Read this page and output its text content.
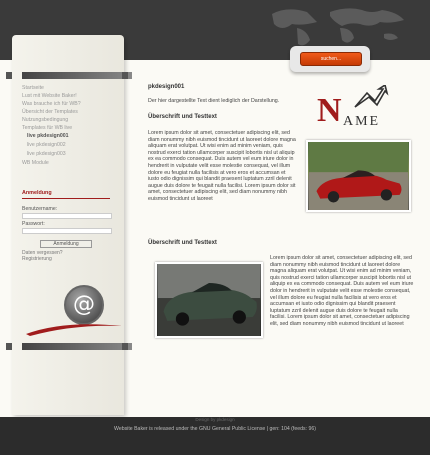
suchen...
Startseite
Lust mit Website Baker!
Was brauche ich für WB?
Übersicht der Templates
Nutzungsbedingung
Templates für WB live
live pkdesign001
live pkdesign002
live pkdesign003
WB Module
Anmeldung
Benutzername:
Passwort:
Anmeldung
Daten vergessen?
Registrierung
@
pkdesign001
Der hier dargestellte Text dient lediglich der Darstellung.
Überschrift und Testtext
Lorem ipsum dolor sit amet, consectetuer adipiscing elit, sed diam nonummy nibh euismod tincidunt ut laoreet dolore magna aliquam erat volutpat. Ut wisi enim ad minim veniam, quis nostrud exerci tation ullamcorper suscipit lobortis nisl ut aliquip ex ea commodo consequat. Duis autem vel eum iriure dolor in hendrerit in vulputate velit esse molestie consequat, vel illum dolore eu feugiat nulla facilisis at vero eros et accumsan et iusto odio dignissim qui blandit praesent luptatum zzril delenit augue duis dolore te feugait nulla facilisi. Lorem ipsum dolor sit amet, consectetuer adipiscing elit, sed diam nonummy nibh euismod tincidunt ut laoreet
N AME
Überschrift und Testtext
Lorem ipsum dolor sit amet, consectetuer adipiscing elit, sed diam nonummy nibh euismod tincidunt ut laoreet dolore magna aliquam erat volutpat. Ut wisi enim ad minim veniam, quis nostrud exerci tation ullamcorper suscipit lobortis nisl ut aliquip ex ea commodo consequat. Duis autem vel eum iriure dolor in hendrerit in vulputate velit esse molestie consequat, vel illum dolore eu feugiat nulla facilisis at vero eros et accumsan et iusto odio dignissim qui blandit praesent luptatum zzril delenit augue duis dolore te feugait nulla facilisi. Lorem ipsum dolor sit amet, consectetuer adipiscing elit, sed diam nonummy nibh euismod tincidunt ut laoreet
Design by pkdesign
Website Baker is released under the GNU General Public License | gen: 104 (feeds: 96)
